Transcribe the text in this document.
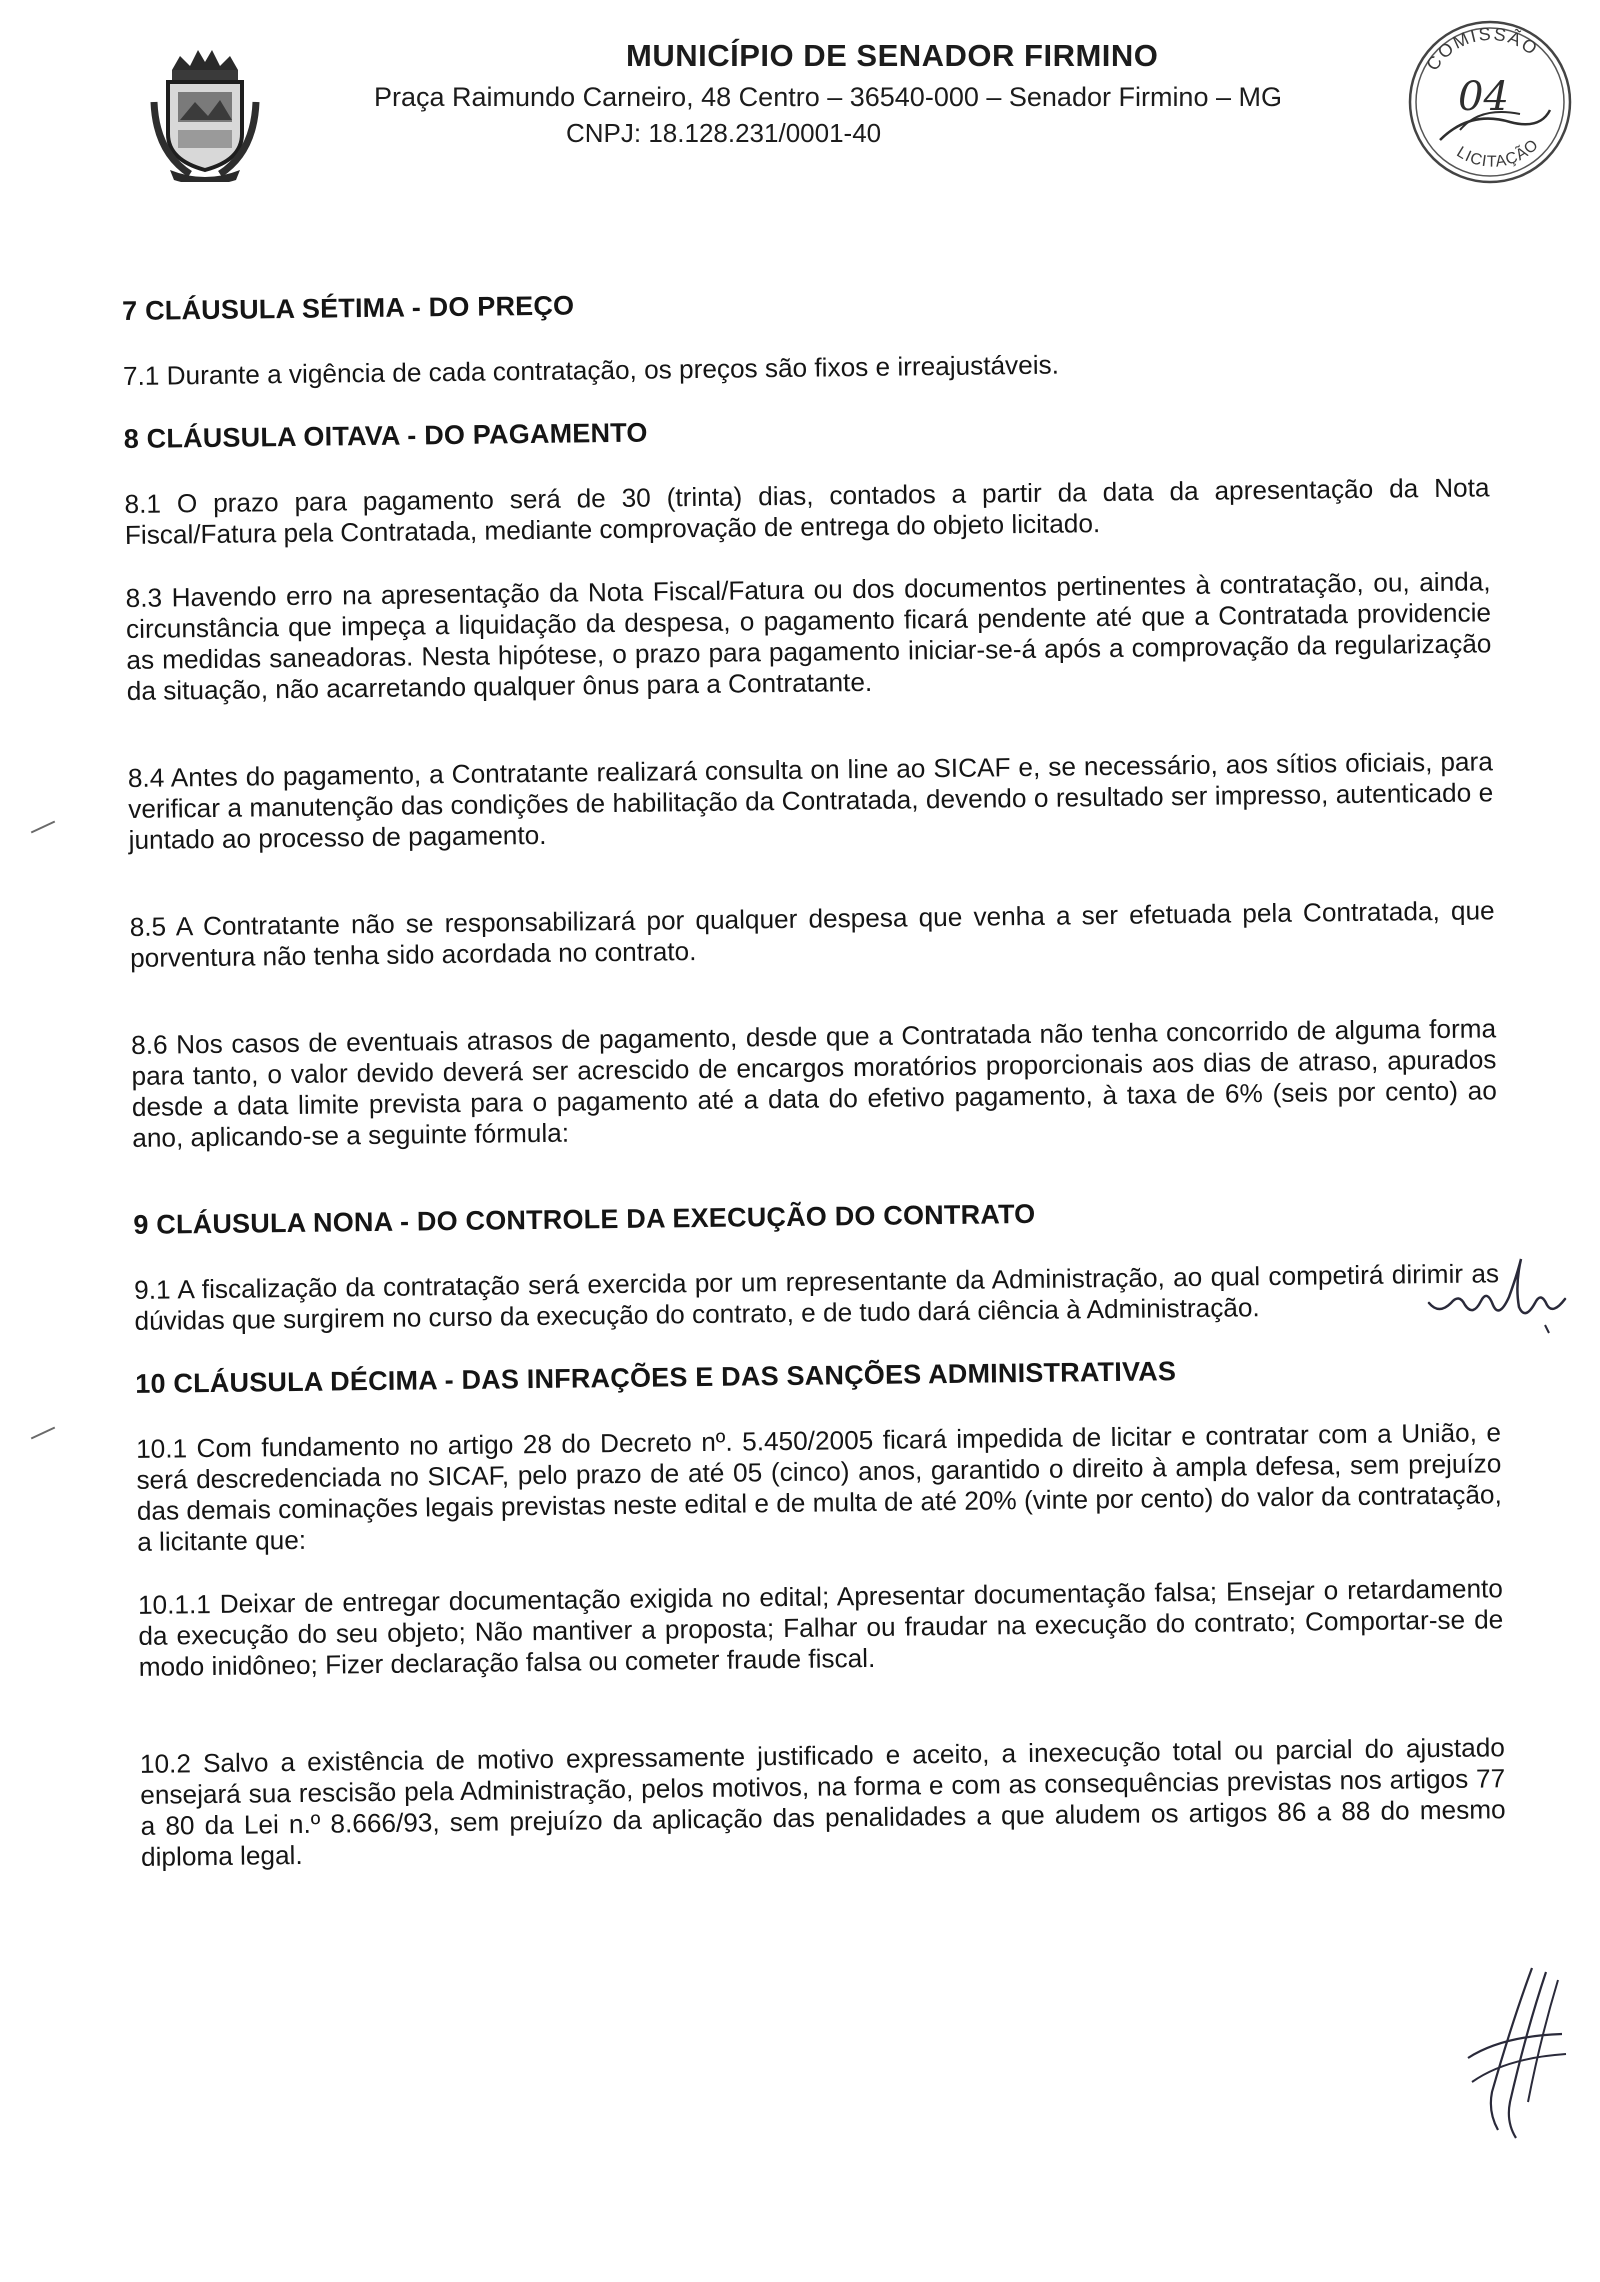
MUNICÍPIO DE SENADOR FIRMINO
Praça Raimundo Carneiro, 48 Centro – 36540-000 – Senador Firmino – MG
CNPJ: 18.128.231/0001-40
COMISSÃO
LICITAÇÃO
04
7 CLÁUSULA SÉTIMA - DO PREÇO

7.1 Durante a vigência de cada contratação, os preços são fixos e irreajustáveis.

8 CLÁUSULA OITAVA - DO PAGAMENTO

8.1 O prazo para pagamento será de 30 (trinta) dias, contados a partir da data da apresentação da Nota Fiscal/Fatura pela Contratada, mediante comprovação de entrega do objeto licitado.

8.3 Havendo erro na apresentação da Nota Fiscal/Fatura ou dos documentos pertinentes à contratação, ou, ainda, circunstância que impeça a liquidação da despesa, o pagamento ficará pendente até que a Contratada providencie as medidas saneadoras. Nesta hipótese, o prazo para pagamento iniciar-se-á após a comprovação da regularização da situação, não acarretando qualquer ônus para a Contratante.

8.4 Antes do pagamento, a Contratante realizará consulta on line ao SICAF e, se necessário, aos sítios oficiais, para verificar a manutenção das condições de habilitação da Contratada, devendo o resultado ser impresso, autenticado e juntado ao processo de pagamento.

8.5 A Contratante não se responsabilizará por qualquer despesa que venha a ser efetuada pela Contratada, que porventura não tenha sido acordada no contrato.

8.6 Nos casos de eventuais atrasos de pagamento, desde que a Contratada não tenha concorrido de alguma forma para tanto, o valor devido deverá ser acrescido de encargos moratórios proporcionais aos dias de atraso, apurados desde a data limite prevista para o pagamento até a data do efetivo pagamento, à taxa de 6% (seis por cento) ao ano, aplicando-se a seguinte fórmula:

9 CLÁUSULA NONA - DO CONTROLE DA EXECUÇÃO DO CONTRATO

9.1 A fiscalização da contratação será exercida por um representante da Administração, ao qual competirá dirimir as dúvidas que surgirem no curso da execução do contrato, e de tudo dará ciência à Administração.

10 CLÁUSULA DÉCIMA - DAS INFRAÇÕES E DAS SANÇÕES ADMINISTRATIVAS

10.1 Com fundamento no artigo 28 do Decreto nº. 5.450/2005 ficará impedida de licitar e contratar com a União, e será descredenciada no SICAF, pelo prazo de até 05 (cinco) anos, garantido o direito à ampla defesa, sem prejuízo das demais cominações legais previstas neste edital e de multa de até 20% (vinte por cento) do valor da contratação, a licitante que:

10.1.1 Deixar de entregar documentação exigida no edital; Apresentar documentação falsa; Ensejar o retardamento da execução do seu objeto; Não mantiver a proposta; Falhar ou fraudar na execução do contrato; Comportar-se de modo inidôneo; Fizer declaração falsa ou cometer fraude fiscal.

10.2 Salvo a existência de motivo expressamente justificado e aceito, a inexecução total ou parcial do ajustado ensejará sua rescisão pela Administração, pelos motivos, na forma e com as consequências previstas nos artigos 77 a 80 da Lei n.º 8.666/93, sem prejuízo da aplicação das penalidades a que aludem os artigos 86 a 88 do mesmo diploma legal.
